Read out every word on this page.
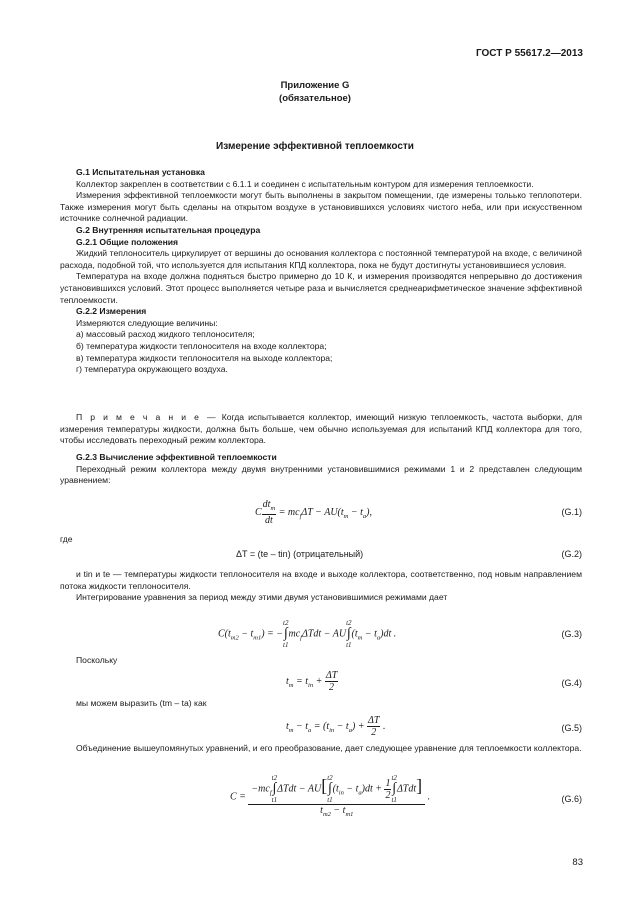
ГОСТ Р 55617.2—2013
Приложение G
(обязательное)
Измерение эффективной теплоемкости

G.1 Испытательная установка

Коллектор закреплен в соответствии с 6.1.1 и соединен с испытательным контуром для измерения теплоемкости.

Измерения эффективной теплоемкости могут быть выполнены в закрытом помещении, где измерены тольько теплопотери. Также измерения могут быть сделаны на открытом воздухе в установившихся условиях чистого неба, или при искусственном источнике солнечной радиации.

G.2 Внутренняя испытательная процедура

G.2.1 Общие положения

Жидкий теплоноситель циркулирует от вершины до основания коллектора с постоянной температурой на входе, с величиной расхода, подобной той, что используется для испытания КПД коллектора, пока не будут достигнуты установившиеся условия.

Температура на входе должна подняться быстро примерно до 10 К, и измерения производятся непрерывно до достижения установившихся условий. Этот процесс выполняется четыре раза и вычисляется среднеарифметическое значение эффективной теплоемкости.

G.2.2 Измерения

Измеряются следующие величины:

а) массовый расход жидкого теплоносителя;

б) температура жидкости теплоносителя на входе коллектора;

в) температура жидкости теплоносителя на выходе коллектора;

г) температура окружающего воздуха.

П р и м е ч а н и е — Когда испытывается коллектор, имеющий низкую теплоемкость, частота выборки, для измерения температуры жидкости, должна быть больше, чем обычно используемая для испытаний КПД коллектора для того, чтобы исследовать переходный режим коллектора.

G.2.3 Вычисление эффективной теплоемкости

Переходный режим коллектора между двумя внутренними установившимися режимами 1 и 2 представлен следующим уравнением:

C $\frac{dt_m}{dt} = mc_f\Delta T - AU(t_m - t_a)$,	(G.1)
где
ΔT = (te – tin) (отрицательный)	(G.2)

и tin и te — температуры жидкости теплоносителя на входе и выходе коллектора, соответственно, под новым направлением потока жидкости теплоносителя.

Интегрирование уравнения за период между этими двумя установившимися режимами дает

$C(t_{m2} - t_{m1}) = -t2$
∫
$t1mc_f\Delta Tdt - AUt2$
∫
$t1(t_m - t_a)dt$ .	(G.3)

Поскольку

$t_m = t_{in} + \frac{\Delta T}{2}$	(G.4)

мы можем выразить (tm – ta) как

$t_m - t_a = (t_{in} - t_a) + \frac{\Delta T}{2}$ .	(G.5)

Объединение вышеупомянутых уравнений, и его преобразование, дает следующее уравнение для теплоемкости коллектора.

$C = -mc_ft2$
∫
t1ΔTdt − AU[t2
∫
$t1(t_{in} - t_a)dt + \frac{1}{2} t2$
∫
t1ΔTdt]
$t_{m2} - t_{m1}$ .	(G.6)
83
